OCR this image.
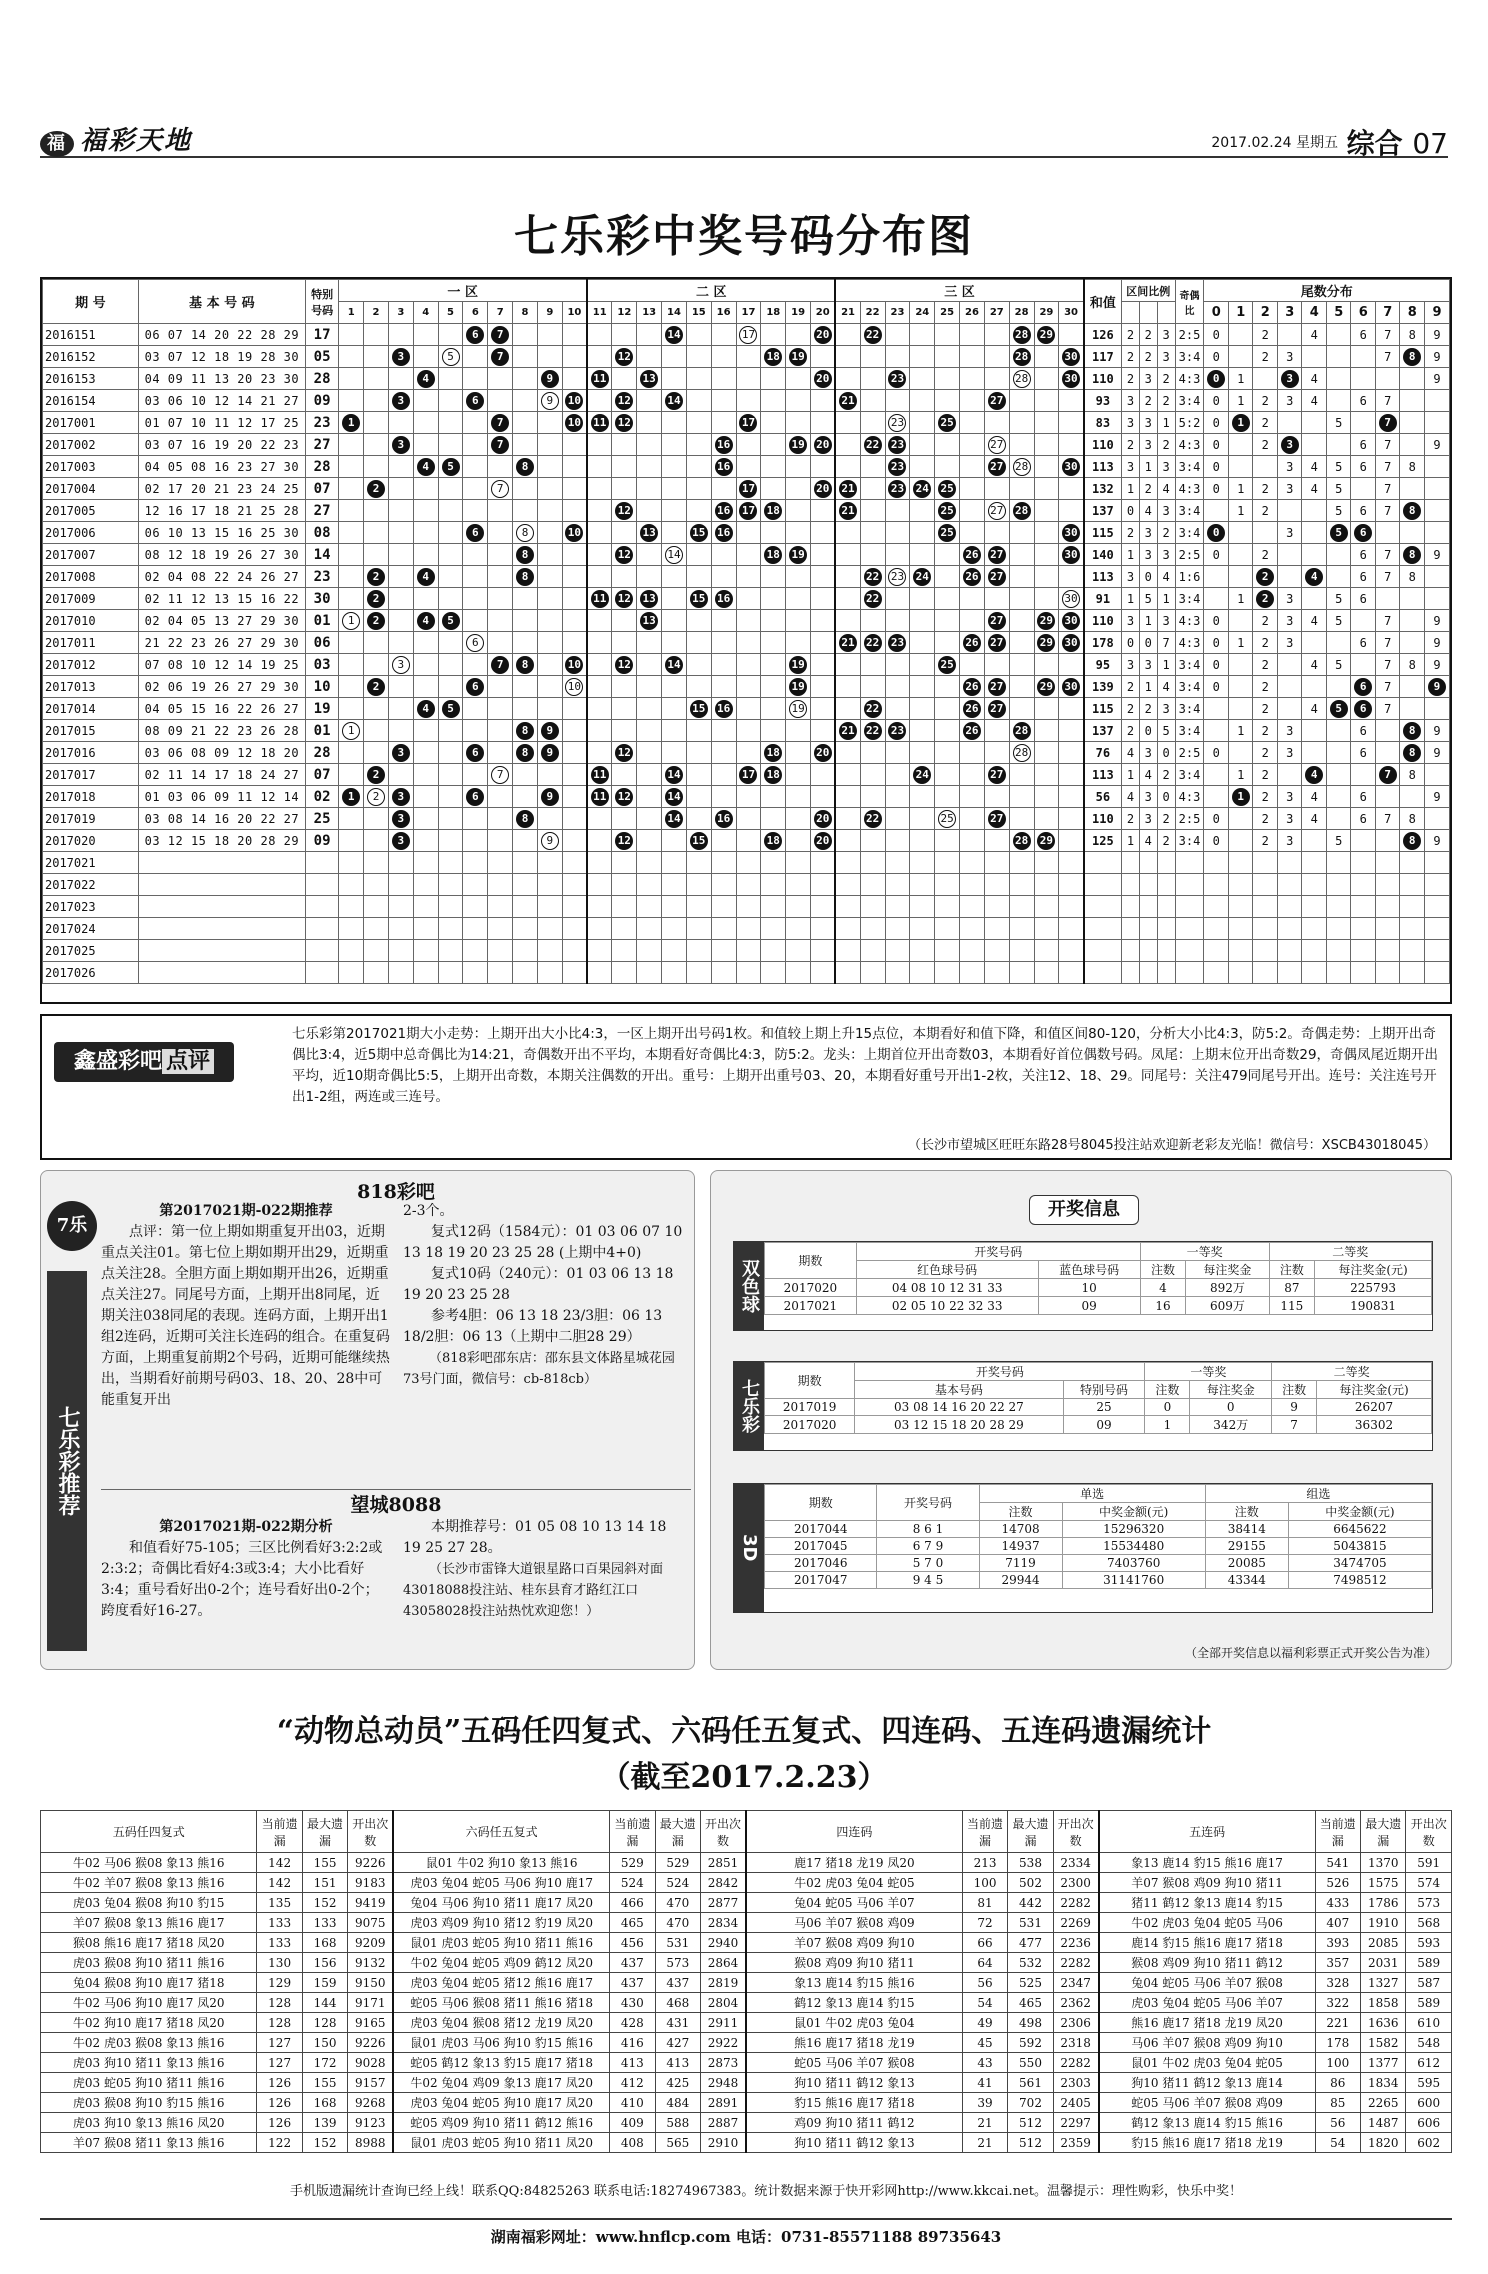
福 福彩天地	2017.02.24 星期五 综合 07
七乐彩中奖号码分布图
期 号	基 本 号 码	特别号码	一 区										二 区										三 区										和值	区间比例			奇偶比	尾数分布									
			1	2	3	4	5	6	7	8	9	10	11	12	13	14	15	16	17	18	19	20	21	22	23	24	25	26	27	28	29	30						0	1	2	3	4	5	6	7	8	9
2016151	06 07 14 20 22 28 29	17						6	7							14			17			20		22						28	29		126	2	2	3	2:5	0		2		4		6	7	8	9
2016152	03 07 12 18 19 28 30	05			3		5		7					12						18	19									28		30	117	2	2	3	3:4	0		2	3				7	8	9
2016153	04 09 11 13 20 23 30	28				4					9		11		13							20			23					28		30	110	2	3	2	4:3	0	1		3	4					9
2016154	03 06 10 12 14 21 27	09			3			6			9	10		12		14							21						27				93	3	2	2	3:4	0	1	2	3	4		6	7		
2017001	01 07 10 11 12 17 25	23	1						7			10	11	12					17						23		25						83	3	3	1	5:2	0	1	2			5		7		
2017002	03 07 16 19 20 22 23	27			3				7									16			19	20		22	23				27				110	2	3	2	4:3	0		2	3			6	7		9
2017003	04 05 08 16 23 27 30	28				4	5			8								16							23				27	28		30	113	3	1	3	3:4	0			3	4	5	6	7	8	
2017004	02 17 20 21 23 24 25	07		2					7										17			20	21		23	24	25						132	1	2	4	4:3	0	1	2	3	4	5		7		
2017005	12 16 17 18 21 25 28	27												12				16	17	18			21				25		27	28			137	0	4	3	3:4		1	2			5	6	7	8	
2017006	06 10 13 15 16 25 30	08						6		8		10			13		15	16									25					30	115	2	3	2	3:4	0			3		5	6			
2017007	08 12 18 19 26 27 30	14								8				12		14				18	19							26	27			30	140	1	3	3	2:5	0		2				6	7	8	9
2017008	02 04 08 22 24 26 27	23		2		4				8														22	23	24		26	27				113	3	0	4	1:6			2		4		6	7	8	
2017009	02 11 12 13 15 16 22	30		2									11	12	13		15	16						22								30	91	1	5	1	3:4		1	2	3		5	6			
2017010	02 04 05 13 27 29 30	01	1	2		4	5								13														27		29	30	110	3	1	3	4:3	0		2	3	4	5		7		9
2017011	21 22 23 26 27 29 30	06						6															21	22	23			26	27		29	30	178	0	0	7	4:3	0	1	2	3			6	7		9
2017012	07 08 10 12 14 19 25	03			3				7	8		10		12		14					19						25						95	3	3	1	3:4	0		2		4	5		7	8	9
2017013	02 06 19 26 27 29 30	10		2				6				10									19							26	27		29	30	139	2	1	4	3:4	0		2				6	7		9
2017014	04 05 15 16 22 26 27	19				4	5										15	16			19			22				26	27				115	2	2	3	3:4			2		4	5	6	7		
2017015	08 09 21 22 23 26 28	01	1							8	9												21	22	23			26		28			137	2	0	5	3:4		1	2	3			6		8	9
2017016	03 06 08 09 12 18 20	28			3			6		8	9			12						18		20								28			76	4	3	0	2:5	0		2	3			6		8	9
2017017	02 11 14 17 18 24 27	07		2					7				11			14			17	18						24			27				113	1	4	2	3:4		1	2		4			7	8	
2017018	01 03 06 09 11 12 14	02	1	2	3			6			9		11	12		14																	56	4	3	0	4:3		1	2	3	4		6			9
2017019	03 08 14 16 20 22 27	25			3					8						14		16				20		22			25		27				110	2	3	2	2:5	0		2	3	4		6	7	8	
2017020	03 12 15 18 20 28 29	09			3						9			12			15			18		20								28	29		125	1	4	2	3:4	0		2	3		5			8	9
2017021																																															
2017022																																															
2017023																																															
2017024																																															
2017025																																															
2017026																																															
鑫盛彩吧 点评
七乐彩第2017021期大小走势：上期开出大小比4:3，一区上期开出号码1枚。和值较上期上升15点位，本期看好和值下降，和值区间80-120，分析大小比4:3，防5:2。奇偶走势：上期开出奇偶比3:4，近5期中总奇偶比为14:21，奇偶数开出不平均，本期看好奇偶比4:3，防5:2。龙头：上期首位开出奇数03，本期看好首位偶数号码。凤尾：上期末位开出奇数29，奇偶凤尾近期开出平均，近10期奇偶比5:5，上期开出奇数，本期关注偶数的开出。重号：上期开出重号03、20，本期看好重号开出1-2枚，关注12、18、29。同尾号：关注479同尾号开出。连号：关注连号开出1-2组，两连或三连号。
（长沙市望城区旺旺东路28号8045投注站欢迎新老彩友光临！微信号：XSCB43018045）
7乐
七乐彩推荐
818彩吧
第2017021期-022期推荐
点评：第一位上期如期重复开出03，近期重点关注01。第七位上期如期开出29，近期重点关注28。全胆方面上期如期开出26，近期重点关注27。同尾号方面，上期开出8同尾，近期关注038同尾的表现。连码方面，上期开出1组2连码，近期可关注长连码的组合。在重复码方面，上期重复前期2个号码，近期可能继续热出，当期看好前期号码03、18、20、28中可能重复开出
2-3个。
复式12码（1584元）：01 03 06 07 10 13 18 19 20 23 25 28 (上期中4+0)
复式10码（240元）：01 03 06 13 18 19 20 23 25 28
参考4胆：06 13 18 23/3胆：06 13 18/2胆：06 13（上期中二胆28 29）
（818彩吧邵东店：邵东县文体路星城花园73号门面，微信号：cb-818cb）
望城8088
第2017021期-022期分析
和值看好75-105；三区比例看好3:2:2或2:3:2；奇偶比看好4:3或3:4；大小比看好3:4；重号看好出0-2个；连号看好出0-2个；跨度看好16-27。
本期推荐号：01 05 08 10 13 14 18 19 25 27 28。
（长沙市雷锋大道银星路口百果园斜对面43018088投注站、桂东县育才路红江口43058028投注站热忱欢迎您！）
开奖信息
双色球	期数	开奖号码		一等奖		二等奖	
	红色球号码	蓝色球号码	注数	每注奖金	注数	每注奖金(元)
2017020	04 08 10 12 31 33	10	4	892万	87	225793
2017021	02 05 10 22 32 33	09	16	609万	115	190831
七乐彩	期数	开奖号码		一等奖		二等奖	
	基本号码	特别号码	注数	每注奖金	注数	每注奖金(元)
2017019	03 08 14 16 20 22 27	25	0	0	9	26207
2017020	03 12 15 18 20 28 29	09	1	342万	7	36302
3D
期数	开奖号码	单选		组选	
		注数	中奖金额(元)	注数	中奖金额(元)
2017044	8 6 1	14708	15296320	38414	6645622
2017045	6 7 9	14937	15534480	29155	5043815
2017046	5 7 0	7119	7403760	20085	3474705
2017047	9 4 5	29944	31141760	43344	7498512
（全部开奖信息以福利彩票正式开奖公告为准）
“动物总动员”五码任四复式、六码任五复式、四连码、五连码遗漏统计
（截至2017.2.23）
五码任四复式	当前遗漏	最大遗漏	开出次数	六码任五复式	当前遗漏	最大遗漏	开出次数	四连码	当前遗漏	最大遗漏	开出次数	五连码	当前遗漏	最大遗漏	开出次数
牛02 马06 猴08 象13 熊16	142	155	9226	鼠01 牛02 狗10 象13 熊16	529	529	2851	鹿17 猪18 龙19 凤20	213	538	2334	象13 鹿14 豹15 熊16 鹿17	541	1370	591
牛02 羊07 猴08 象13 熊16	142	151	9183	虎03 兔04 蛇05 马06 狗10 鹿17	524	524	2842	牛02 虎03 兔04 蛇05	100	502	2300	羊07 猴08 鸡09 狗10 猪11	526	1575	574
虎03 兔04 猴08 狗10 豹15	135	152	9419	兔04 马06 狗10 猪11 鹿17 凤20	466	470	2877	兔04 蛇05 马06 羊07	81	442	2282	猪11 鹤12 象13 鹿14 豹15	433	1786	573
羊07 猴08 象13 熊16 鹿17	133	133	9075	虎03 鸡09 狗10 猪12 豹19 凤20	465	470	2834	马06 羊07 猴08 鸡09	72	531	2269	牛02 虎03 兔04 蛇05 马06	407	1910	568
猴08 熊16 鹿17 猪18 凤20	133	168	9209	鼠01 虎03 蛇05 狗10 猪11 熊16	456	531	2940	羊07 猴08 鸡09 狗10	66	477	2236	鹿14 豹15 熊16 鹿17 猪18	393	2085	593
虎03 猴08 狗10 猪11 熊16	130	156	9132	牛02 兔04 蛇05 鸡09 鹤12 凤20	437	573	2864	猴08 鸡09 狗10 猪11	64	532	2282	猴08 鸡09 狗10 猪11 鹤12	357	2031	589
兔04 猴08 狗10 鹿17 猪18	129	159	9150	虎03 兔04 蛇05 猪12 熊16 鹿17	437	437	2819	象13 鹿14 豹15 熊16	56	525	2347	兔04 蛇05 马06 羊07 猴08	328	1327	587
牛02 马06 狗10 鹿17 凤20	128	144	9171	蛇05 马06 猴08 猪11 熊16 猪18	430	468	2804	鹤12 象13 鹿14 豹15	54	465	2362	虎03 兔04 蛇05 马06 羊07	322	1858	589
牛02 狗10 鹿17 猪18 凤20	128	128	9165	虎03 兔04 猴08 猪12 龙19 凤20	428	431	2911	鼠01 牛02 虎03 兔04	49	498	2306	熊16 鹿17 猪18 龙19 凤20	221	1636	610
牛02 虎03 猴08 象13 熊16	127	150	9226	鼠01 虎03 马06 狗10 豹15 熊16	416	427	2922	熊16 鹿17 猪18 龙19	45	592	2318	马06 羊07 猴08 鸡09 狗10	178	1582	548
虎03 狗10 猪11 象13 熊16	127	172	9028	蛇05 鹤12 象13 豹15 鹿17 猪18	413	413	2873	蛇05 马06 羊07 猴08	43	550	2282	鼠01 牛02 虎03 兔04 蛇05	100	1377	612
虎03 蛇05 狗10 猪11 熊16	126	155	9157	牛02 兔04 鸡09 象13 鹿17 凤20	412	425	2948	狗10 猪11 鹤12 象13	41	561	2303	狗10 猪11 鹤12 象13 鹿14	86	1834	595
虎03 猴08 狗10 豹15 熊16	126	168	9268	虎03 兔04 蛇05 狗10 鹿17 凤20	410	484	2891	豹15 熊16 鹿17 猪18	39	702	2405	蛇05 马06 羊07 猴08 鸡09	85	2265	600
虎03 狗10 象13 熊16 凤20	126	139	9123	蛇05 鸡09 狗10 猪11 鹤12 熊16	409	588	2887	鸡09 狗10 猪11 鹤12	21	512	2297	鹤12 象13 鹿14 豹15 熊16	56	1487	606
羊07 猴08 猪11 象13 熊16	122	152	8988	鼠01 虎03 蛇05 狗10 猪11 凤20	408	565	2910	狗10 猪11 鹤12 象13	21	512	2359	豹15 熊16 鹿17 猪18 龙19	54	1820	602
手机版遗漏统计查询已经上线！联系QQ:84825263 联系电话:18274967383。统计数据来源于快开彩网http://www.kkcai.net。温馨提示：理性购彩，快乐中奖！
湖南福彩网址：www.hnflcp.com 电话：0731-85571188 89735643
